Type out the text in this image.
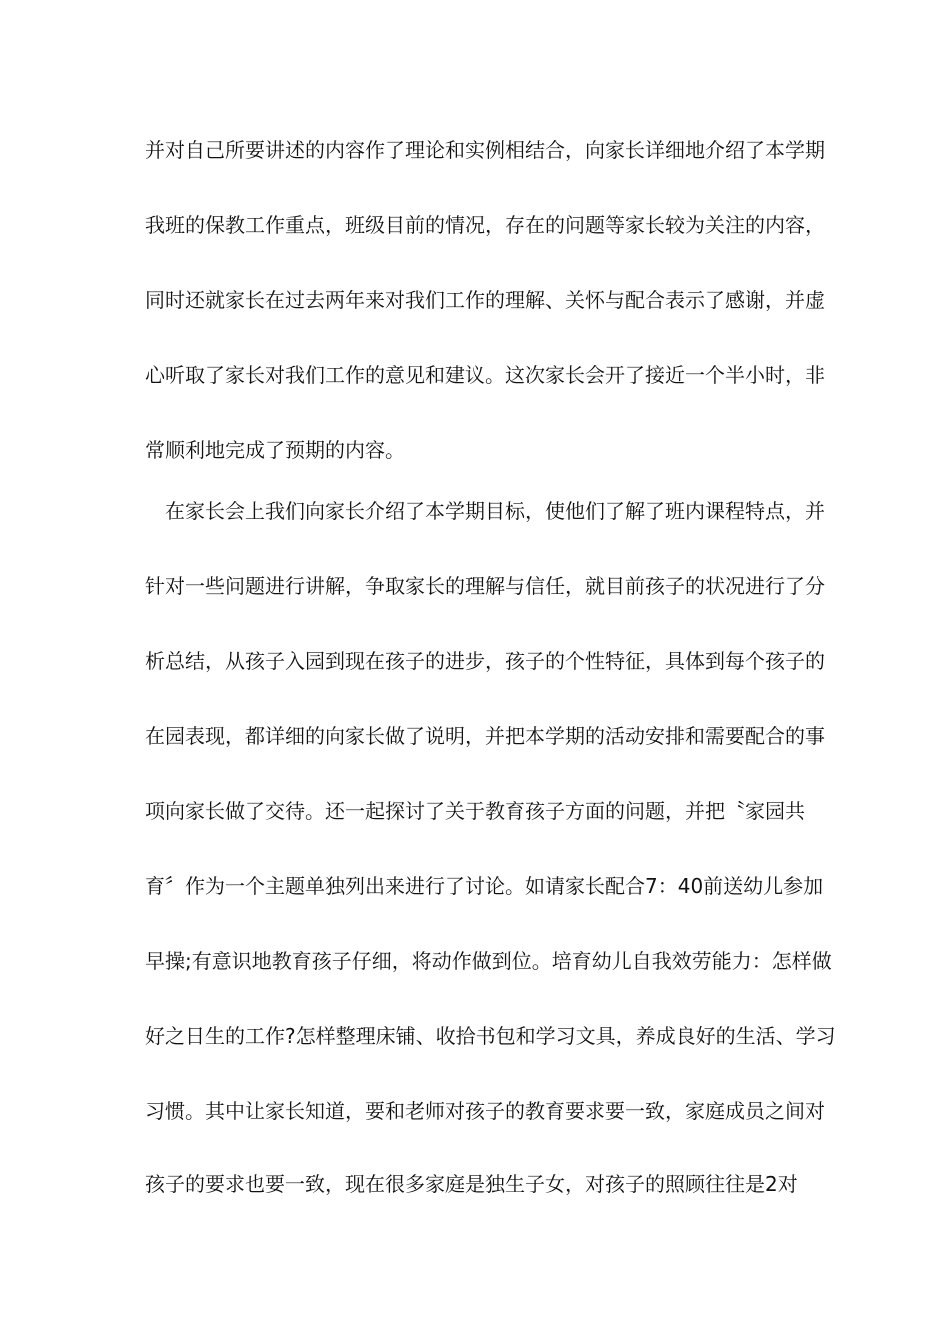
并对自己所要讲述的内容作了理论和实例相结合，向家长详细地介绍了本学期
我班的保教工作重点，班级目前的情况，存在的问题等家长较为关注的内容，
同时还就家长在过去两年来对我们工作的理解、关怀与配合表示了感谢，并虚
心听取了家长对我们工作的意见和建议。这次家长会开了接近一个半小时，非
常顺利地完成了预期的内容。
　在家长会上我们向家长介绍了本学期目标，使他们了解了班内课程特点，并
针对一些问题进行讲解，争取家长的理解与信任，就目前孩子的状况进行了分
析总结，从孩子入园到现在孩子的进步，孩子的个性特征，具体到每个孩子的
在园表现，都详细的向家长做了说明，并把本学期的活动安排和需要配合的事
项向家长做了交待。还一起探讨了关于教育孩子方面的问题，并把〝家园共
育〞作为一个主题单独列出来进行了讨论。如请家长配合7：40前送幼儿参加
早操;有意识地教育孩子仔细，将动作做到位。培育幼儿自我效劳能力：怎样做
好之日生的工作?怎样整理床铺、收拾书包和学习文具，养成良好的生活、学习
习惯。其中让家长知道，要和老师对孩子的教育要求要一致，家庭成员之间对
孩子的要求也要一致，现在很多家庭是独生子女，对孩子的照顾往往是2对
